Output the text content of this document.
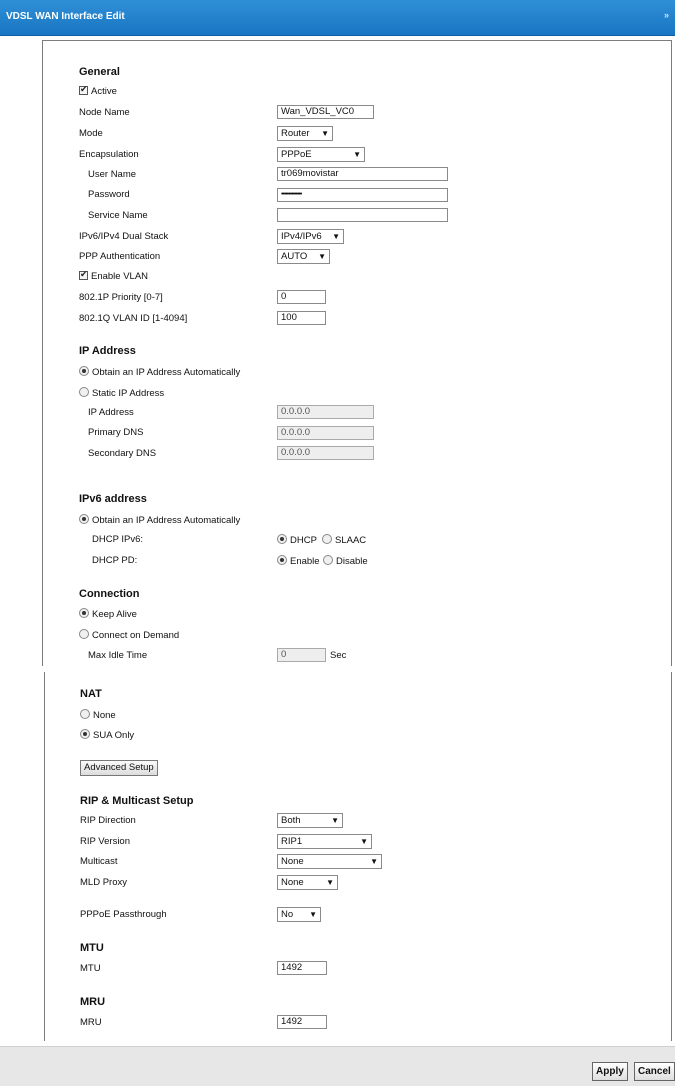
VDSL WAN Interface Edit	»
General
✔Active
Node Name	Wan_VDSL_VC0
Mode	Router ▼
Encapsulation	PPPoE	▼
User Name	tr069movistar
Password	••••••••••••••
Service Name
IPv6/IPv4 Dual Stack	IPv4/IPv6 ▼
PPP Authentication	AUTO ▼
✔Enable VLAN
802.1P Priority [0-7]	0
802.1Q VLAN ID [1-4094]	100
IP Address
Obtain an IP Address Automatically
Static IP Address
IP Address	0.0.0.0
Primary DNS	0.0.0.0
Secondary DNS	0.0.0.0
IPv6 address
Obtain an IP Address Automatically
DHCP IPv6:	DHCP	SLAAC
DHCP PD:	Enable	Disable
Connection
Keep Alive
Connect on Demand
Max Idle Time	0	Sec
NAT
None
SUA Only
Advanced Setup
RIP & Multicast Setup
RIP Direction	Both	▼
RIP Version	RIP1	▼
Multicast	None	▼
MLD Proxy	None	▼
PPPoE Passthrough	No ▼
MTU
MTU	1492
MRU
MRU	1492
Apply	Cancel
